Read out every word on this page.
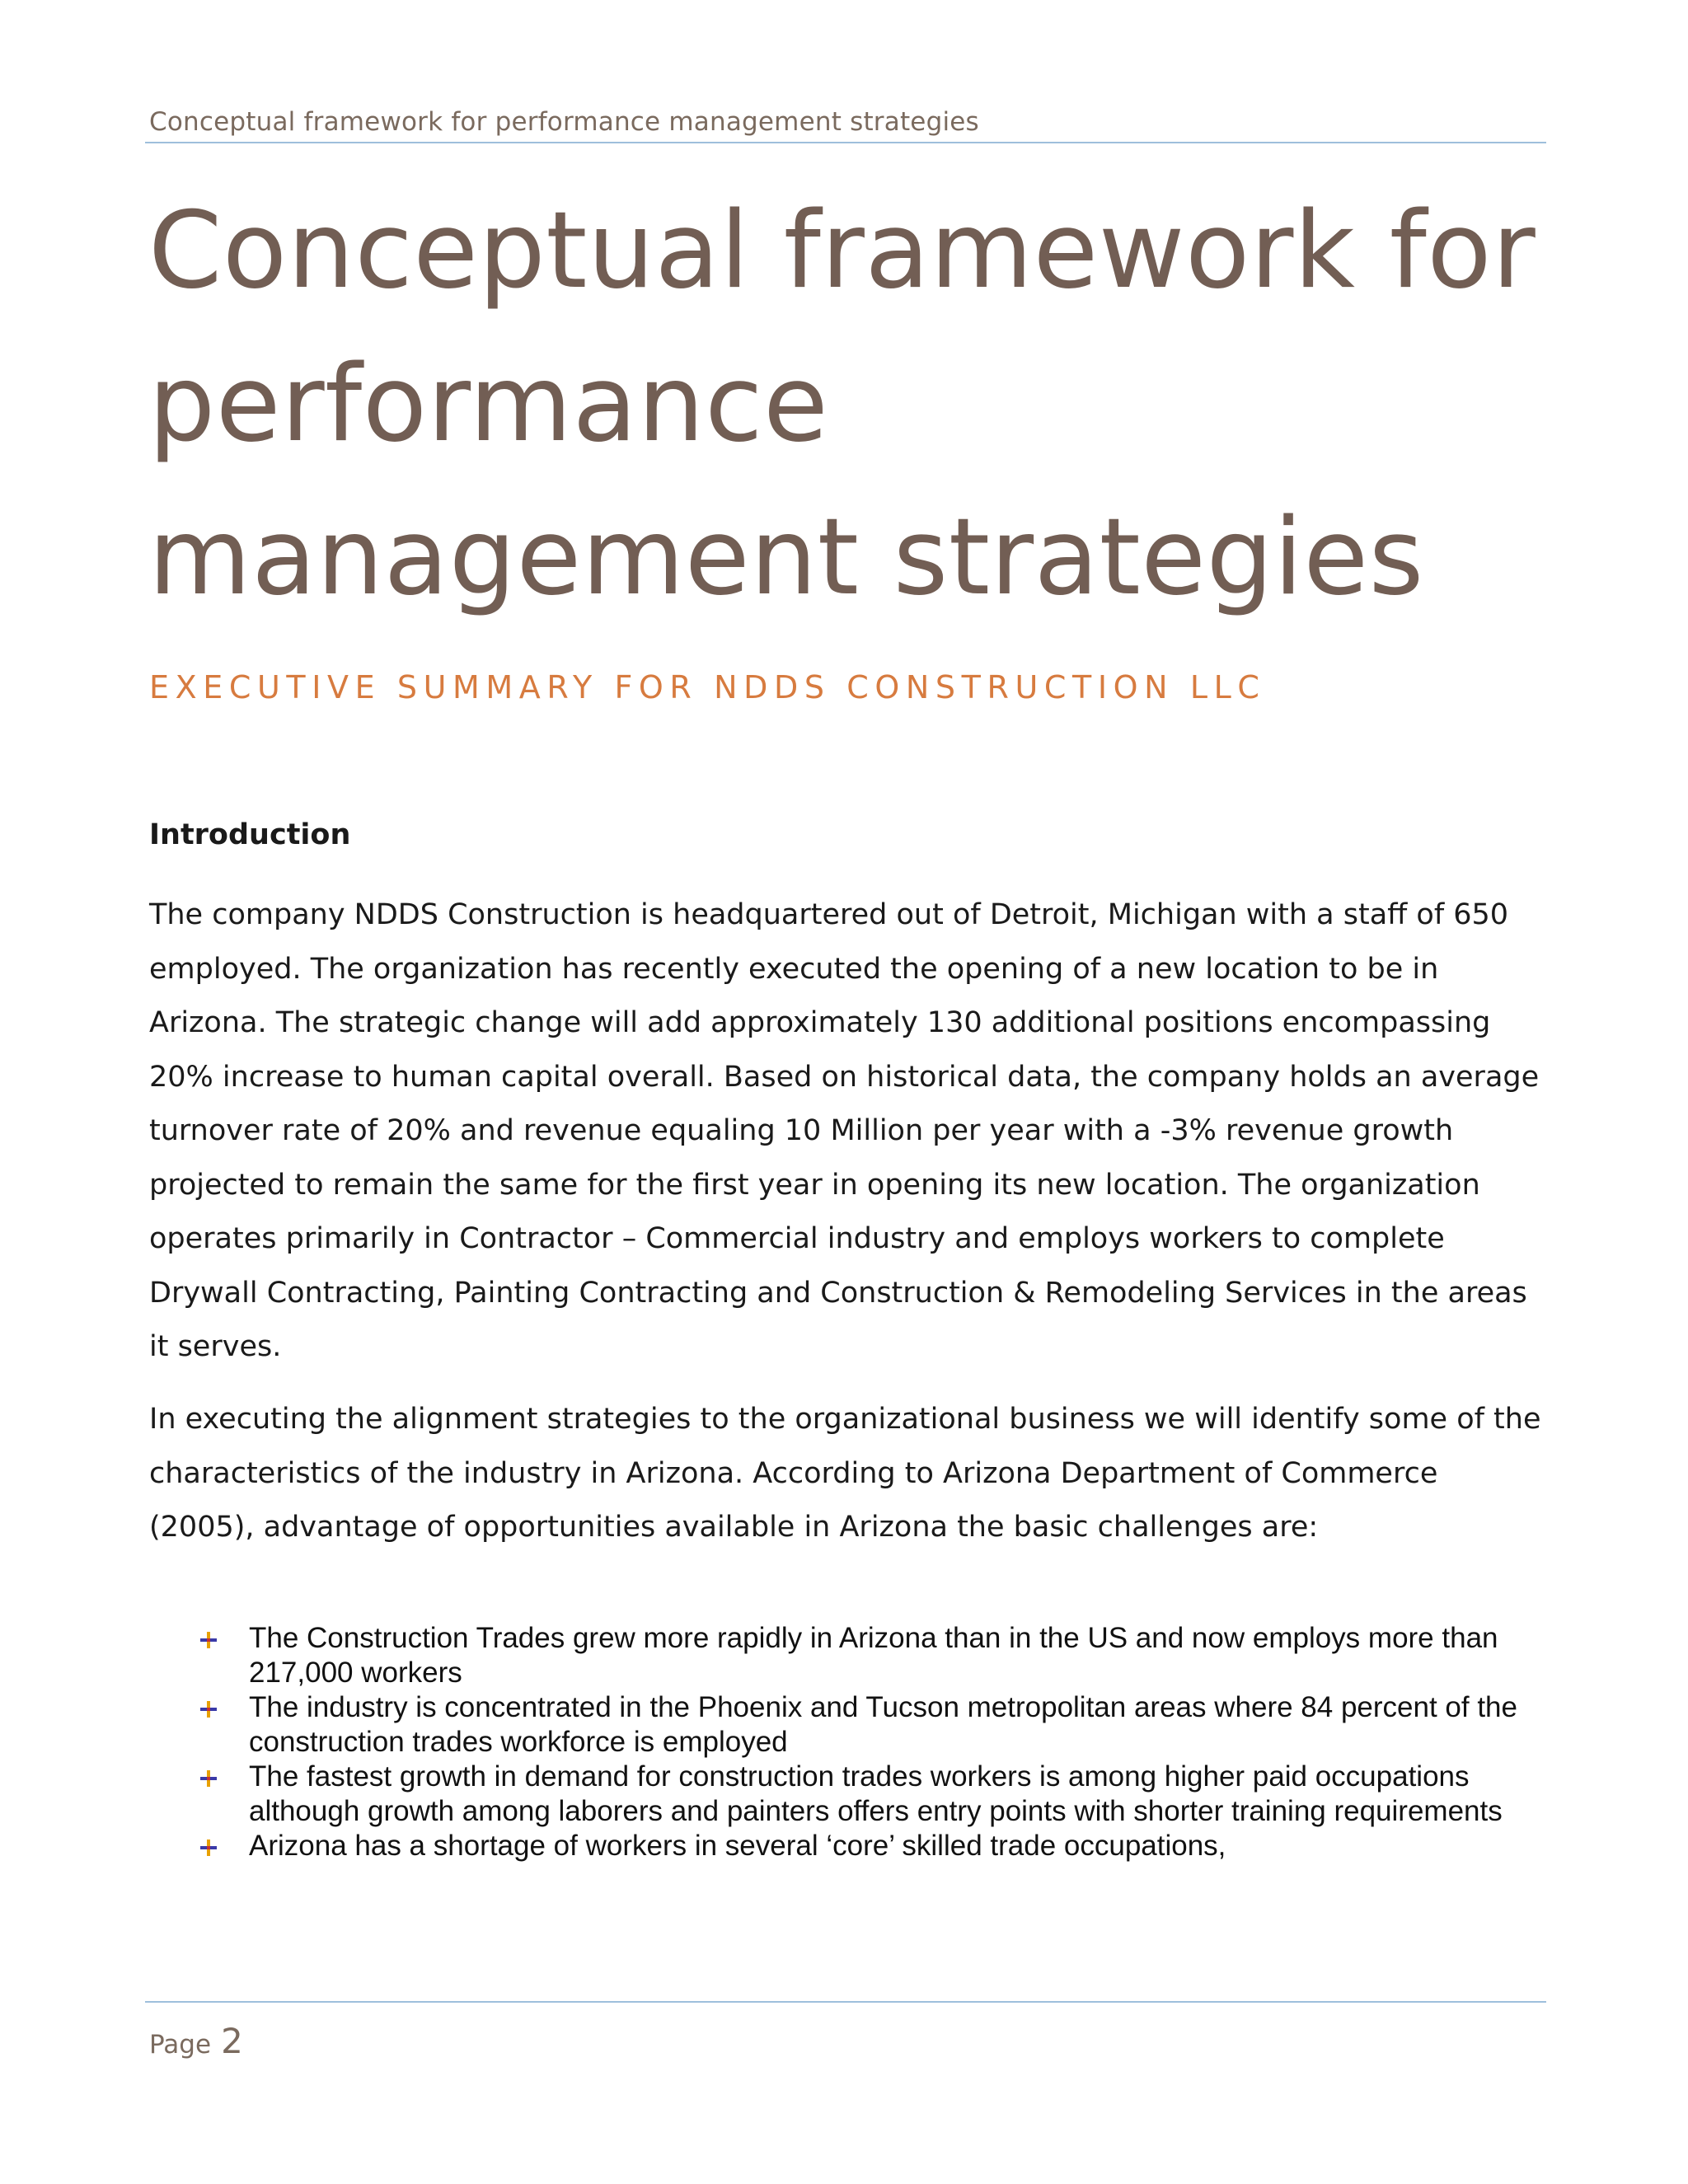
Conceptual framework for performance management strategies
Conceptual framework for performance management strategies
EXECUTIVE SUMMARY FOR NDDS CONSTRUCTION LLC
Introduction

The company NDDS Construction is headquartered out of Detroit, Michigan with a staff of 650 employed. The organization has recently executed the opening of a new location to be in Arizona. The strategic change will add approximately 130 additional positions encompassing 20% increase to human capital overall. Based on historical data, the company holds an average turnover rate of 20% and revenue equaling 10 Million per year with a -3% revenue growth projected to remain the same for the first year in opening its new location. The organization operates primarily in Contractor – Commercial industry and employs workers to complete Drywall Contracting, Painting Contracting and Construction & Remodeling Services in the areas it serves.

In executing the alignment strategies to the organizational business we will identify some of the characteristics of the industry in Arizona. According to Arizona Department of Commerce (2005), advantage of opportunities available in Arizona the basic challenges are:

The Construction Trades grew more rapidly in Arizona than in the US and now employs more than 217,000 workers
The industry is concentrated in the Phoenix and Tucson metropolitan areas where 84 percent of the construction trades workforce is employed
The fastest growth in demand for construction trades workers is among higher paid occupations although growth among laborers and painters offers entry points with shorter training requirements
Arizona has a shortage of workers in several ‘core’ skilled trade occupations,
Page 2
